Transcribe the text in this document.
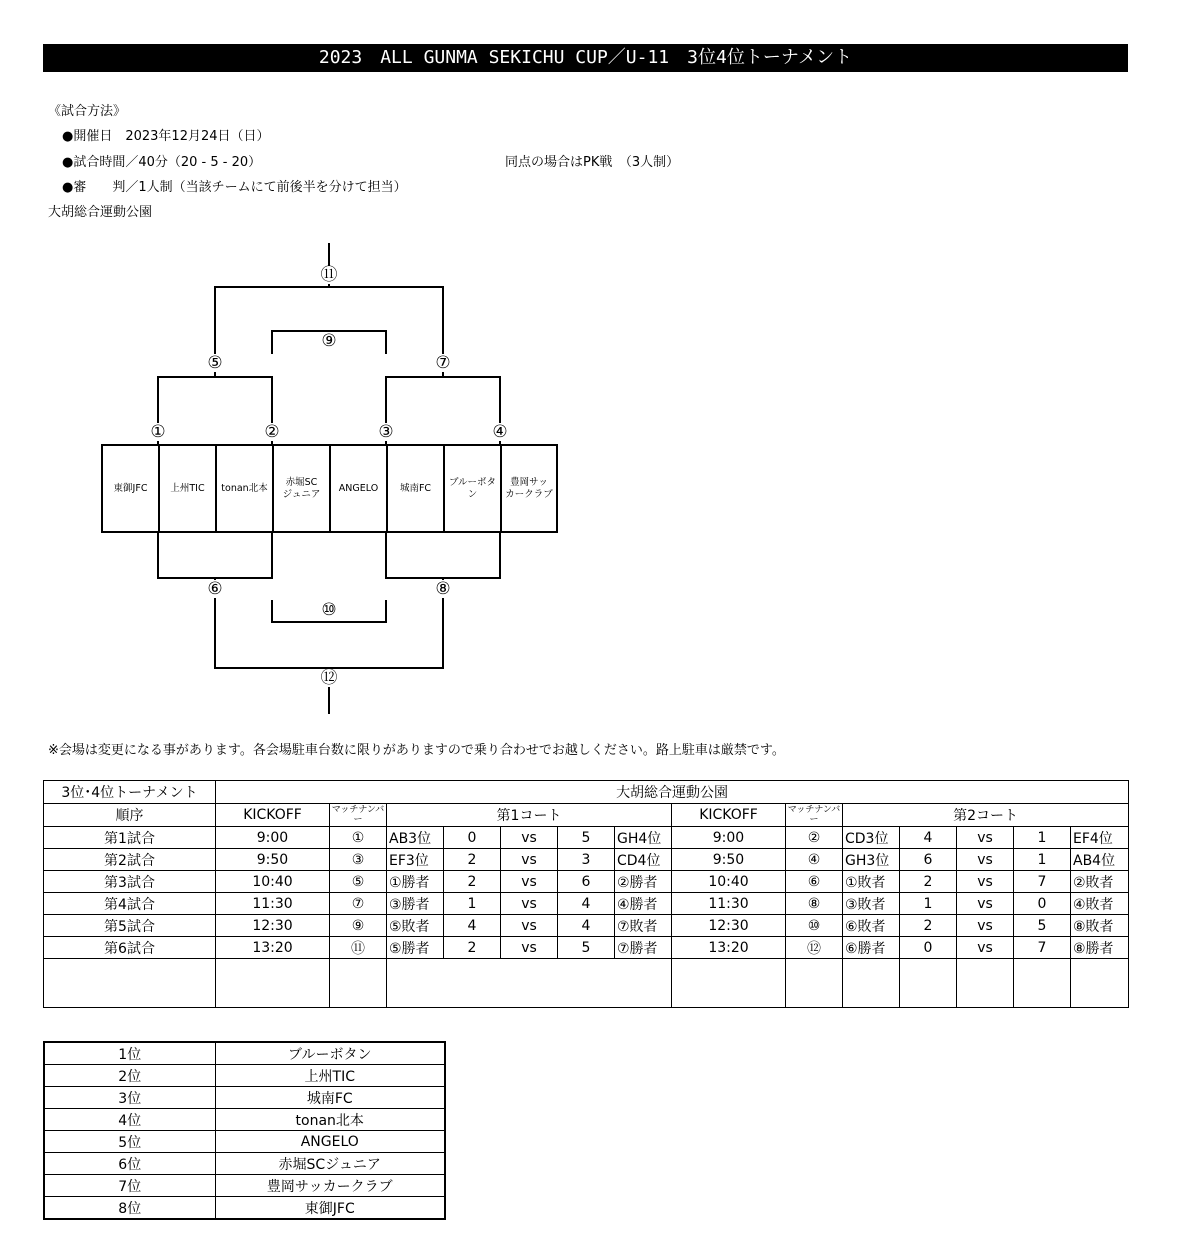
2023　ALL GUNMA SEKICHU CUP／U-11　3位4位トーナメント
《試合方法》
●開催日　2023年12月24日（日）
●試合時間／40分（20 - 5 - 20）	同点の場合はPK戦　（3人制）
●審　　判／1人制（当該チームにて前後半を分けて担当）
大胡総合運動公園
東御JFC 上州TIC tonan北本
赤堀SC
ジュニア
ANGELO 城南FC
ブルーボタ
ン
豊岡サッ
カークラブ
①	②	③	④
⑤
⑥
⑦
⑧
⑨
⑩
⑪
⑫
※会場は変更になる事があります。各会場駐車台数に限りがありますので乗り合わせでお越しください。路上駐車は厳禁です。
3位･4位トーナメント	大胡総合運動公園													
順序	KICKOFF	マッチナンバー	第1コート					KICKOFF	マッチナンバー	第2コート				
第1試合	9:00	①	AB3位	0	vs	5	GH4位	9:00	②	CD3位	4	vs	1	EF4位
第2試合	9:50	③	EF3位	2	vs	3	CD4位	9:50	④	GH3位	6	vs	1	AB4位
第3試合	10:40	⑤	①勝者	2	vs	6	②勝者	10:40	⑥	①敗者	2	vs	7	②敗者
第4試合	11:30	⑦	③勝者	1	vs	4	④勝者	11:30	⑧	③敗者	1	vs	0	④敗者
第5試合	12:30	⑨	⑤敗者	4	vs	4	⑦敗者	12:30	⑩	⑥敗者	2	vs	5	⑧敗者
第6試合	13:20	⑪	⑤勝者	2	vs	5	⑦勝者	13:20	⑫	⑥勝者	0	vs	7	⑧勝者

1位	ブルーボタン
2位	上州TIC
3位	城南FC
4位	tonan北本
5位	ANGELO
6位	赤堀SCジュニア
7位	豊岡サッカークラブ
8位	東御JFC
